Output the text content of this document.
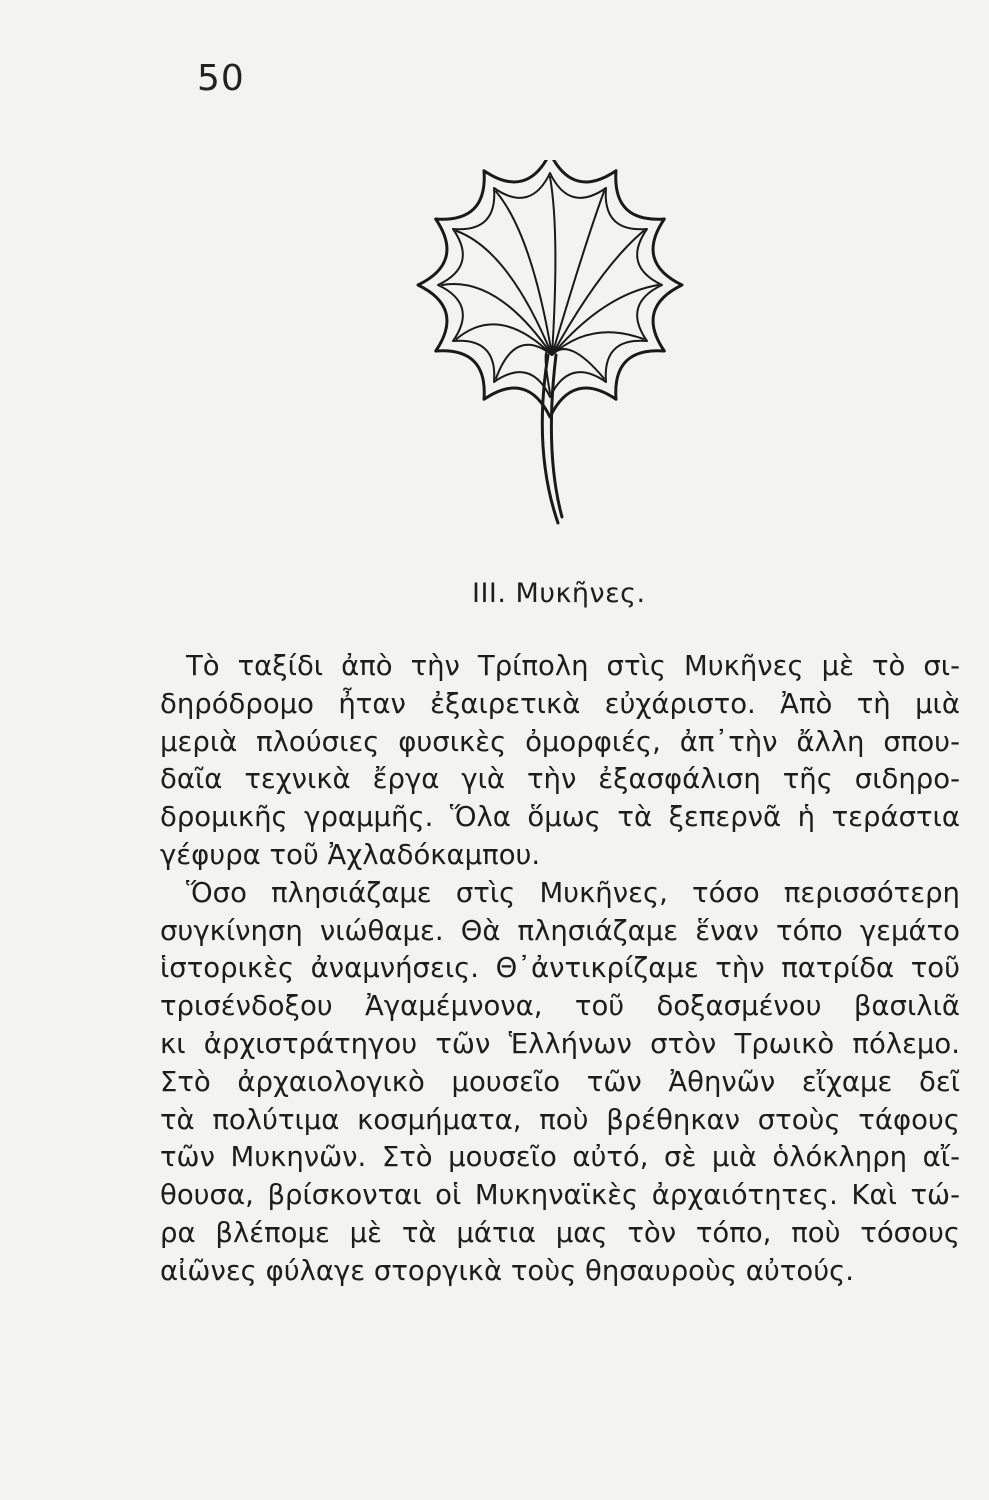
50
ΙΙΙ. Μυκῆνες.

Τὸ ταξίδι ἀπὸ τὴν Τρίπολη στὶς Μυκῆνες μὲ τὸ σι-
δηρόδρομο ἦταν ἐξαιρετικὰ εὐχάριστο. Ἀπὸ τὴ μιὰ
μεριὰ πλούσιες φυσικὲς ὀμορφιές, ἀπ᾿τὴν ἄλλη σπου-
δαῖα τεχνικὰ ἔργα γιὰ τὴν ἐξασφάλιση τῆς σιδηρο-
δρομικῆς γραμμῆς. Ὅλα ὅμως τὰ ξεπερνᾶ ἡ τεράστια
γέφυρα τοῦ Ἀχλαδόκαμπου.

Ὅσο πλησιάζαμε στὶς Μυκῆνες, τόσο περισσότερη
συγκίνηση νιώθαμε. Θὰ πλησιάζαμε ἕναν τόπο γεμάτο
ἱστορικὲς ἀναμνήσεις. Θ᾿ἀντικρίζαμε τὴν πατρίδα τοῦ
τρισένδοξου Ἀγαμέμνονα, τοῦ δοξασμένου βασιλιᾶ
κι ἀρχιστράτηγου τῶν Ἑλλήνων στὸν Τρωικὸ πόλεμο.
Στὸ ἀρχαιολογικὸ μουσεῖο τῶν Ἀθηνῶν εἴχαμε δεῖ
τὰ πολύτιμα κοσμήματα, ποὺ βρέθηκαν στοὺς τάφους
τῶν Μυκηνῶν. Στὸ μουσεῖο αὐτό, σὲ μιὰ ὁλόκληρη αἴ-
θουσα, βρίσκονται οἱ Μυκηναϊκὲς ἀρχαιότητες. Καὶ τώ-
ρα βλέπομε μὲ τὰ μάτια μας τὸν τόπο, ποὺ τόσους
αἰῶνες φύλαγε στοργικὰ τοὺς θησαυροὺς αὐτούς.
